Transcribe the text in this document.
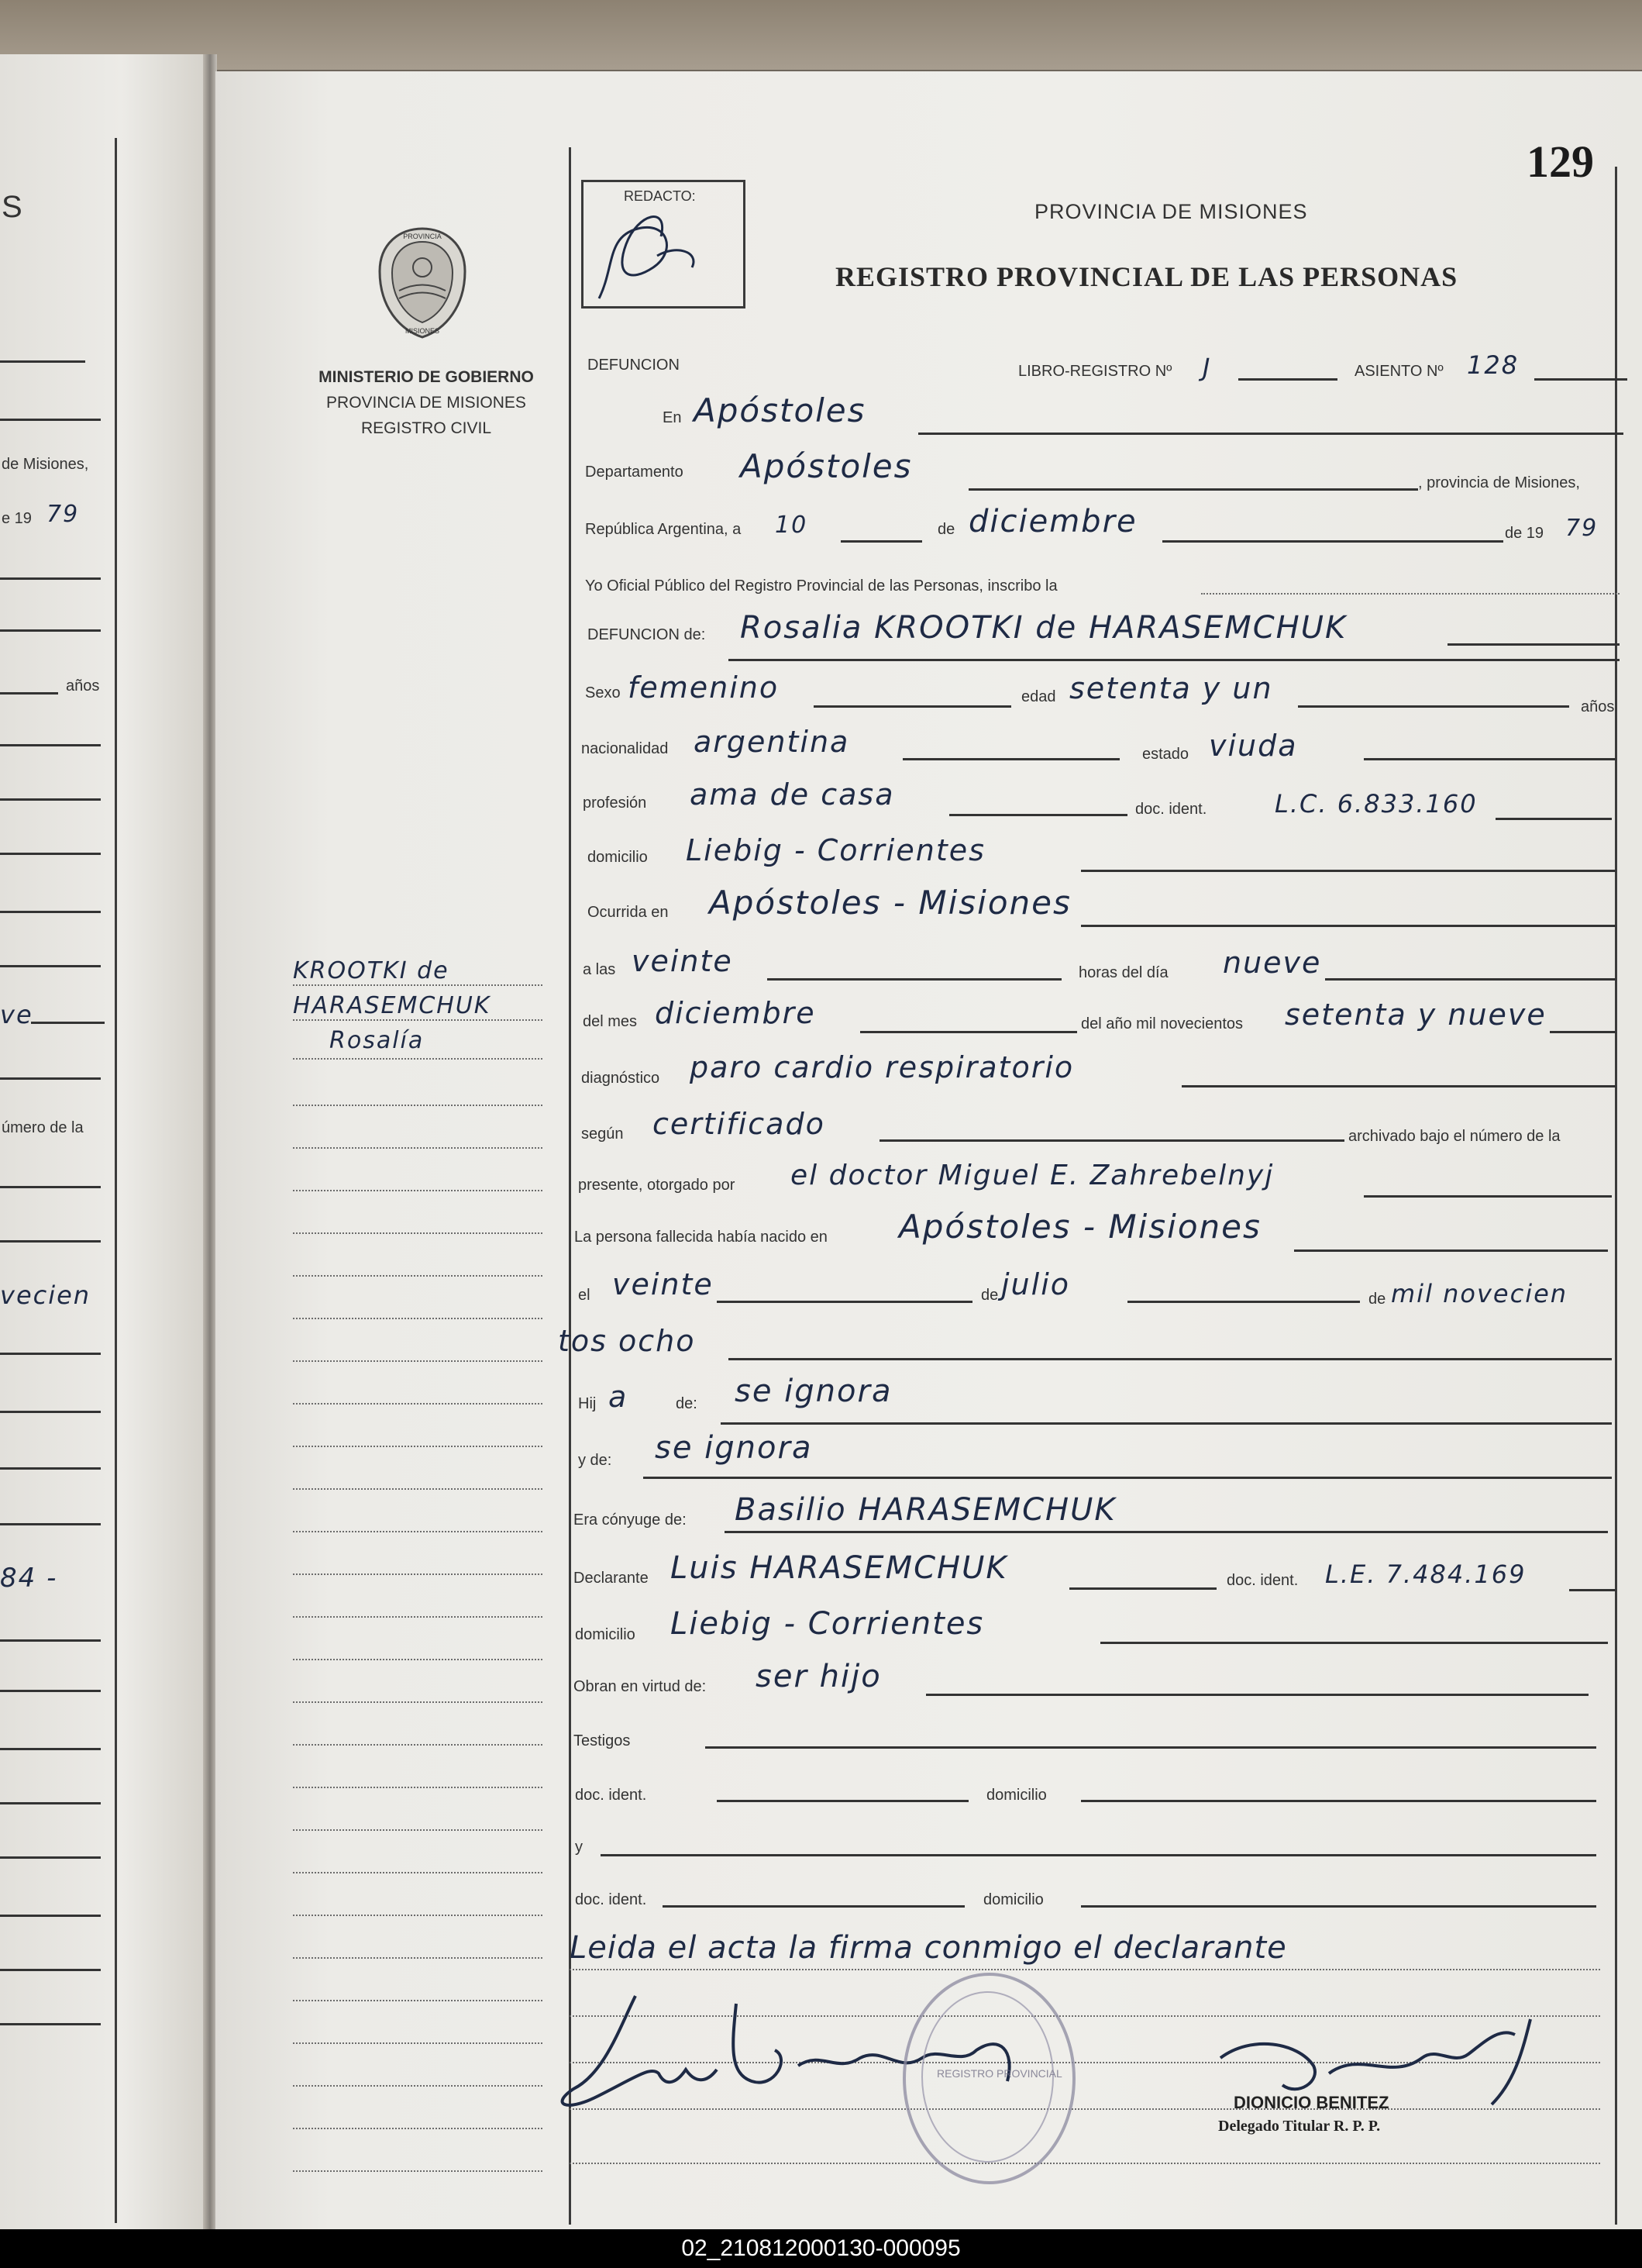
S
de Misiones,
e 19 79
años
ve
úmero de la
vecien
84 -
129
REDACTO:
PROVINCIA DE MISIONES
REGISTRO PROVINCIAL DE LAS PERSONAS
PROVINCIA
MISIONES
MINISTERIO DE GOBIERNO
PROVINCIA DE MISIONES
REGISTRO CIVIL
KROOTKI de
HARASEMCHUK
Rosalía
DEFUNCION	LIBRO-REGISTRO Nº J	ASIENTO Nº 128
En Apóstoles
Departamento Apóstoles	, provincia de Misiones,
República Argentina, a 10	de diciembre	de 19 79
Yo Oficial Público del Registro Provincial de las Personas, inscribo la
DEFUNCION de: Rosalia KROOTKI de HARASEMCHUK
Sexo femenino	edad setenta y un
años
nacionalidad argentina	estado viuda
profesión ama de casa	doc. ident.	L.C. 6.833.160
domicilio Liebig - Corrientes
Ocurrida en Apóstoles - Misiones
a las veinte	horas del día nueve
del mes diciembre	del año mil novecientos setenta y nueve
diagnóstico paro cardio respiratorio
según certificado	archivado bajo el número de la
presente, otorgado por el doctor Miguel E. Zahrebelnyj
La persona fallecida había nacido en Apóstoles - Misiones
el veinte	de julio	de mil novecien
tos ocho
Hij a	de: se ignora
y de: se ignora
Era cónyuge de: Basilio HARASEMCHUK
Declarante Luis HARASEMCHUK	doc. ident. L.E. 7.484.169
domicilio Liebig - Corrientes
Obran en virtud de: ser hijo
Testigos
doc. ident.	domicilio
y
doc. ident.	domicilio
Leida el acta la firma conmigo el declarante
REGISTRO PROVINCIAL
DIONICIO BENITEZ
Delegado Titular R. P. P.
02_210812000130-000095
